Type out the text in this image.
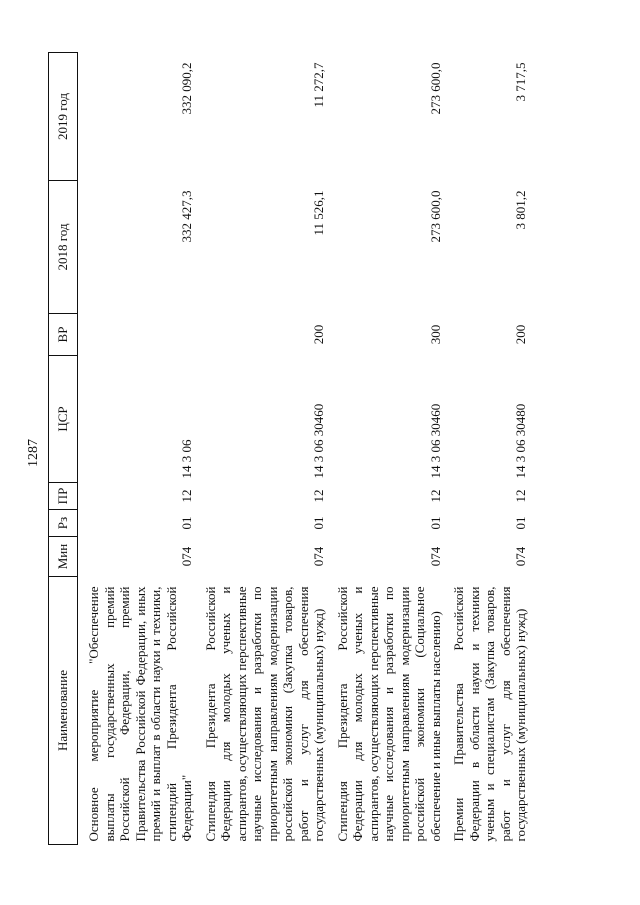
1287
Наименование	Мин	Рз	ПР	ЦСР	ВР	2018 год	2019 год
Основное мероприятие "Обеспечение выплаты государственных премий Российской Федерации, премий Правительства Российской Федерации, иных премий и выплат в области науки и техники, стипендий Президента Российской Федерации"	074	01	12	14 3 06		332 427,3	332 090,2
Стипендия Президента Российской Федерации для молодых ученых и аспирантов, осуществляющих перспективные научные исследования и разработки по приоритетным направлениям модернизации российской экономики (Закупка товаров, работ и услуг для обеспечения государственных (муниципальных) нужд)	074	01	12	14 3 06 30460	200	11 526,1	11 272,7
Стипендия Президента Российской Федерации для молодых ученых и аспирантов, осуществляющих перспективные научные исследования и разработки по приоритетным направлениям модернизации российской экономики (Социальное обеспечение и иные выплаты населению)	074	01	12	14 3 06 30460	300	273 600,0	273 600,0
Премии Правительства Российской Федерации в области науки и техники ученым и специалистам (Закупка товаров, работ и услуг для обеспечения государственных (муниципальных) нужд)	074	01	12	14 3 06 30480	200	3 801,2	3 717,5
